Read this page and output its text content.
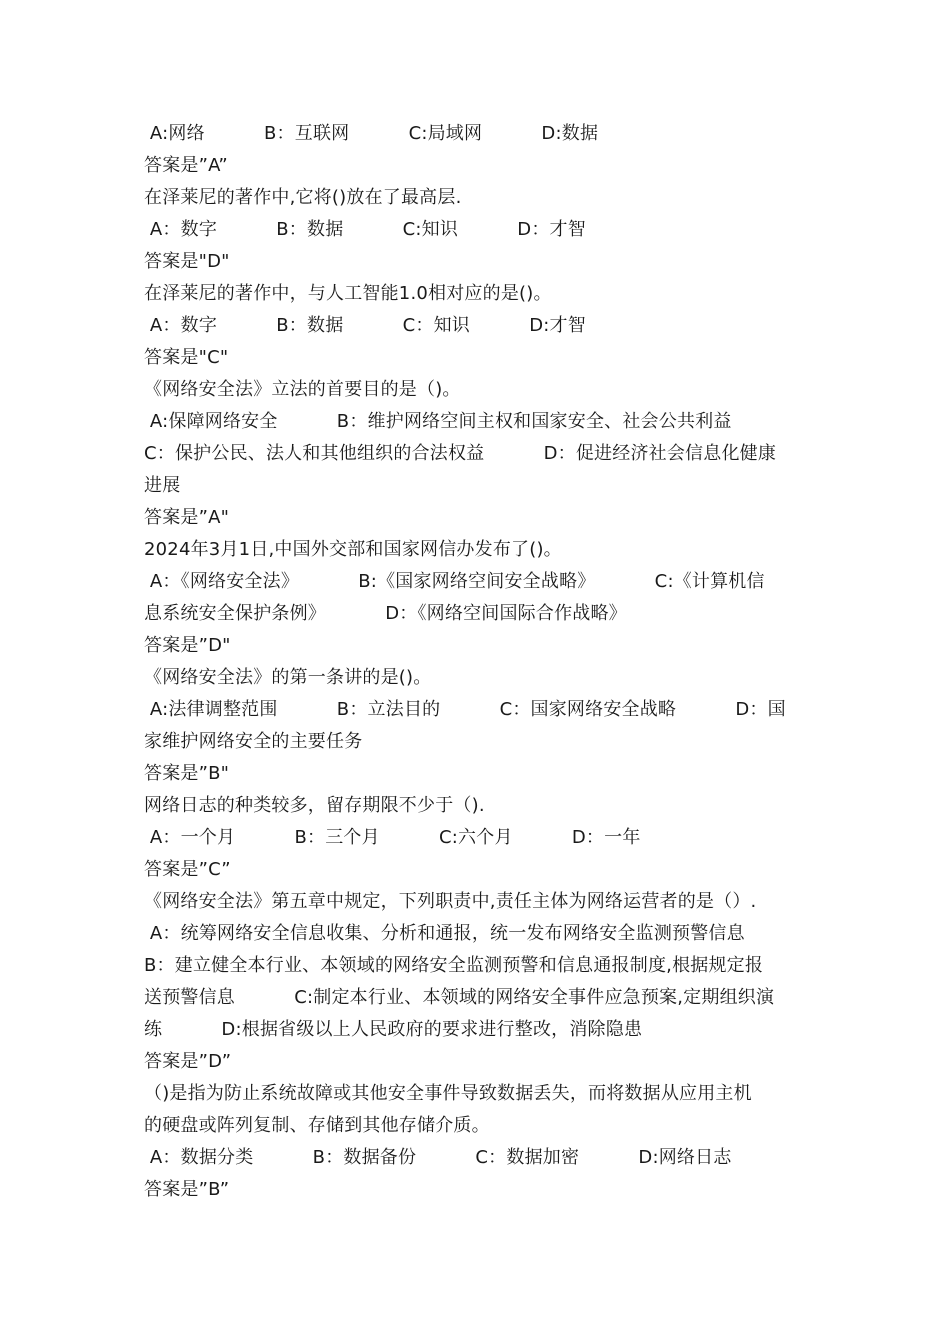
A:网络          B：互联网          C:局域网          D:数据
答案是”A”
在泽莱尼的著作中,它将()放在了最高层.
A：数字          B：数据          C:知识          D：才智
答案是"D"
在泽莱尼的著作中，与人工智能1.0相对应的是()。
A：数字          B：数据          C：知识          D:才智
答案是"C"
《网络安全法》立法的首要目的是（)。
A:保障网络安全          B：维护网络空间主权和国家安全、社会公共利益
C：保护公民、法人和其他组织的合法权益          D：促进经济社会信息化健康
进展
答案是”A"
2024年3月1日,中国外交部和国家网信办发布了()。
A：《网络安全法》          B:《国家网络空间安全战略》          C:《计算机信
息系统安全保护条例》          D：《网络空间国际合作战略》
答案是”D"
《网络安全法》的第一条讲的是()。
A:法律调整范围          B：立法目的          C：国家网络安全战略          D：国
家维护网络安全的主要任务
答案是”B"
网络日志的种类较多，留存期限不少于（).
A：一个月          B：三个月          C:六个月          D：一年
答案是”C”
《网络安全法》第五章中规定，下列职责中,责任主体为网络运营者的是（）.
A：统筹网络安全信息收集、分析和通报，统一发布网络安全监测预警信息
B：建立健全本行业、本领域的网络安全监测预警和信息通报制度,根据规定报
送预警信息          C:制定本行业、本领域的网络安全事件应急预案,定期组织演
练          D:根据省级以上人民政府的要求进行整改，消除隐患
答案是”D”
（)是指为防止系统故障或其他安全事件导致数据丢失，而将数据从应用主机
的硬盘或阵列复制、存储到其他存储介质。
A：数据分类          B：数据备份          C：数据加密          D:网络日志
答案是”B”
